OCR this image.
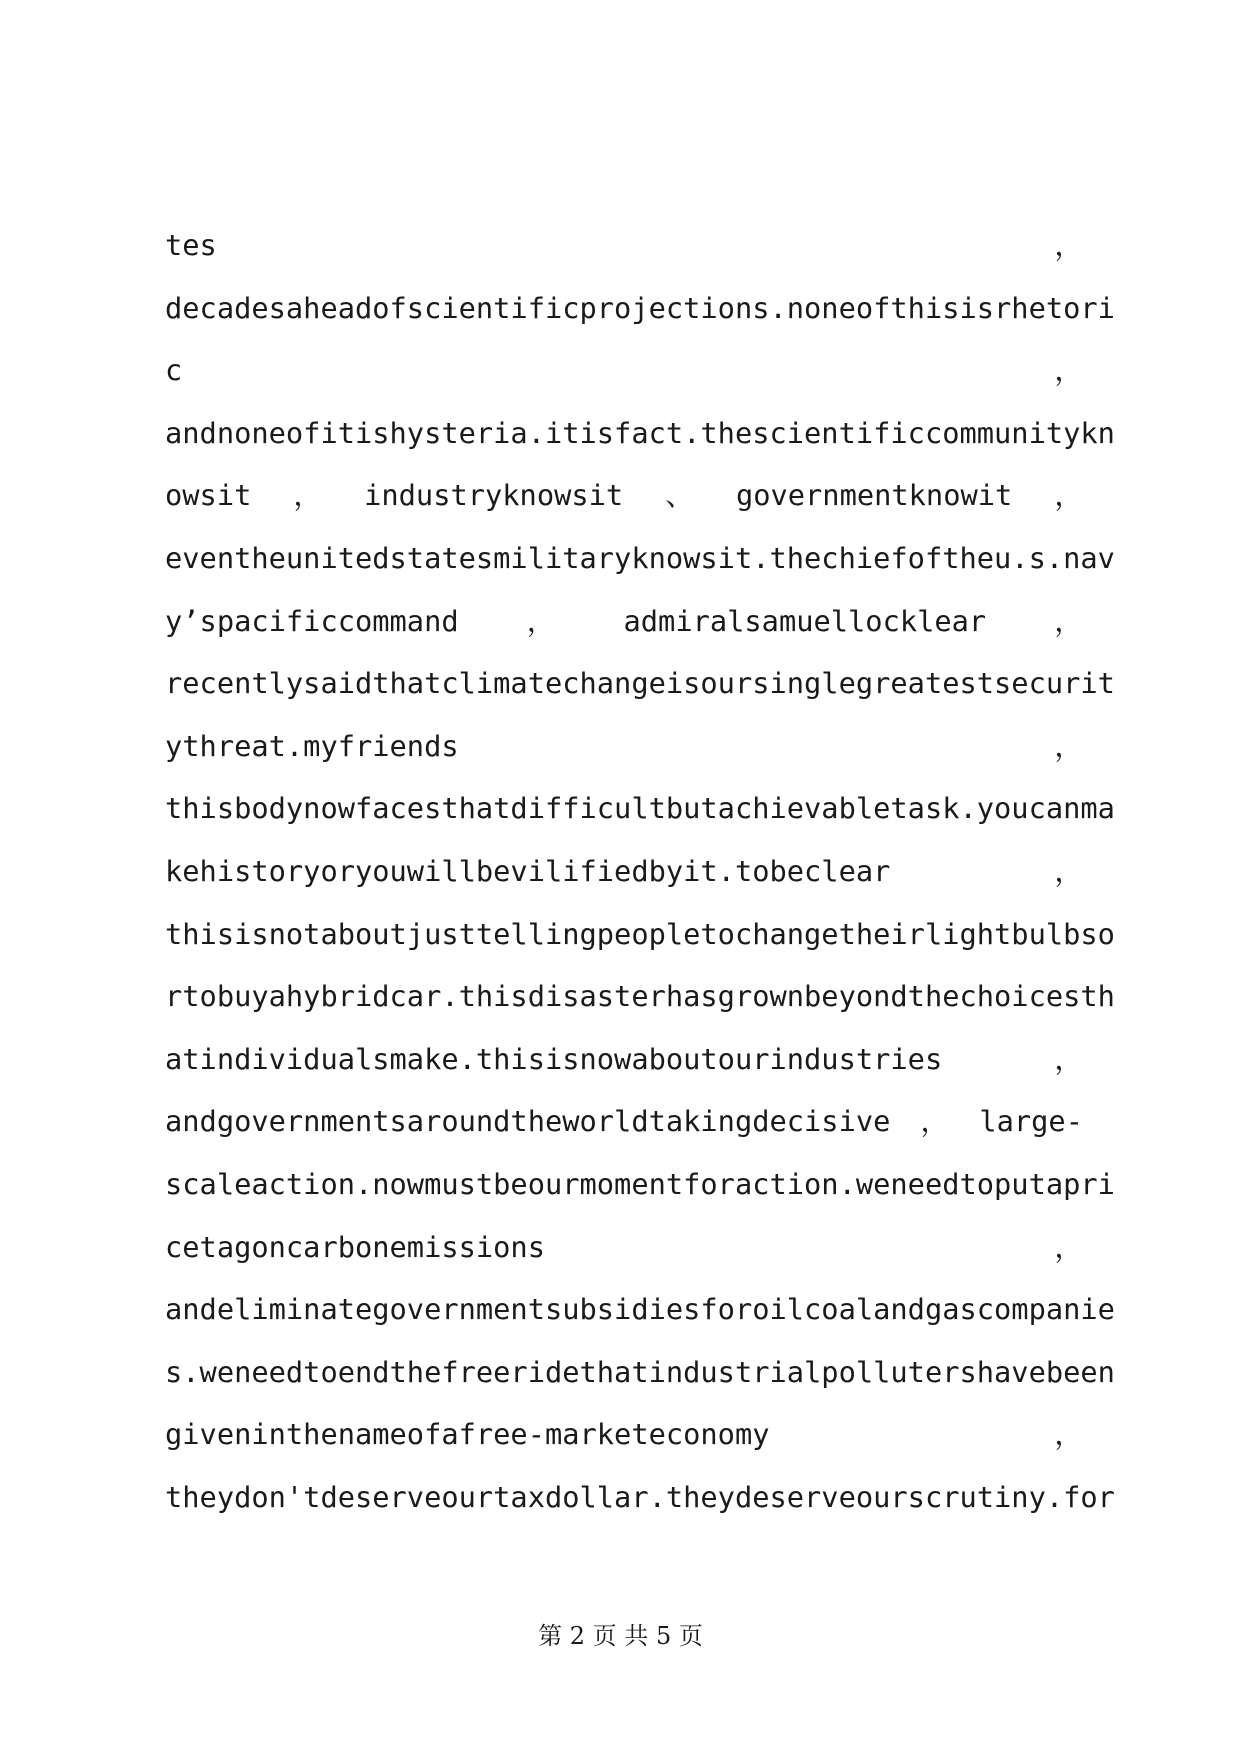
tes	，
decadesaheadofscientificprojections.noneofthisisrhetori
c	，
andnoneofitishysteria.itisfact.thescientificcommunitykn
owsit ， industryknowsit 、 governmentknowit ，
eventheunitedstatesmilitaryknowsit.thechiefoftheu.s.nav
y’spacificcommand ， admiralsamuellocklear ，
recentlysaidthatclimatechangeisoursinglegreatestsecurit
ythreat.myfriends	，
thisbodynowfacesthatdifficultbutachievabletask.youcanma
kehistoryoryouwillbevilifiedbyit.tobeclear	，
thisisnotaboutjusttellingpeopletochangetheirlightbulbso
rtobuyahybridcar.thisdisasterhasgrownbeyondthechoicesth
atindividualsmake.thisisnowaboutourindustries	，
andgovernmentsaroundtheworldtakingdecisive ， large-
scaleaction.nowmustbeourmomentforaction.weneedtoputapri
cetagoncarbonemissions	，
andeliminategovernmentsubsidiesforoilcoalandgascompanie
s.weneedtoendthefreeridethatindustrialpollutershavebeen
giveninthenameofafree-marketeconomy	，
theydon'tdeserveourtaxdollar.theydeserveourscrutiny.for
第 2 页 共 5 页
